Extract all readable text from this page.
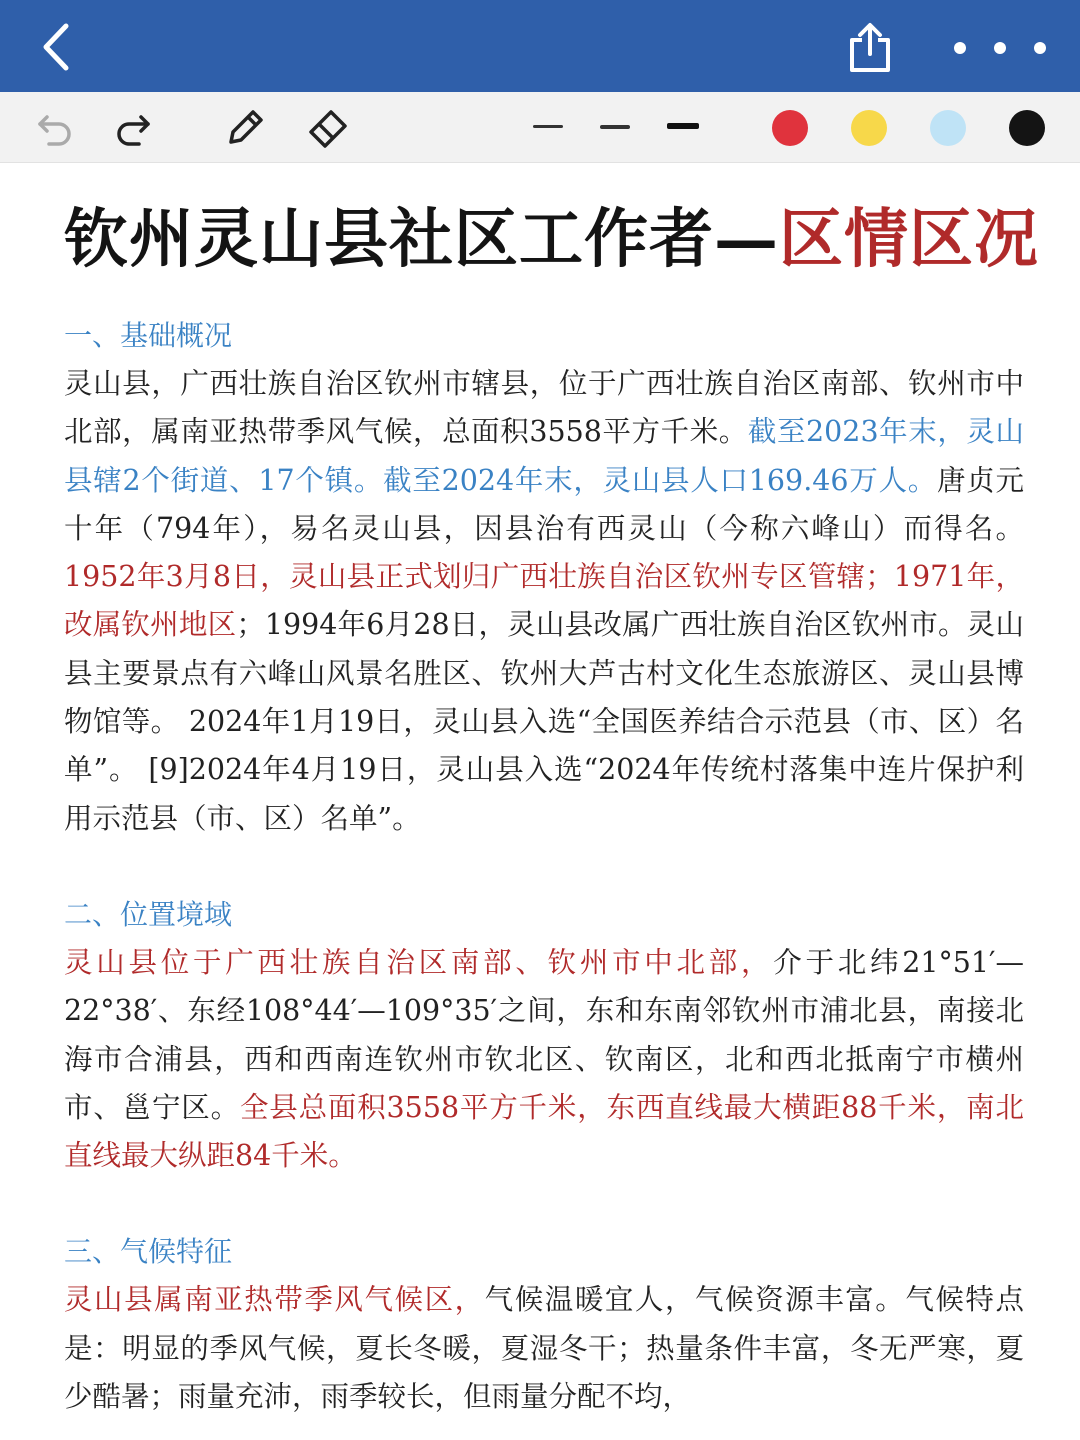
钦州灵山县社区工作者—区情区况
一、基础概况

灵山县，广西壮族自治区钦州市辖县，位于广西壮族自治区南部、钦州市中北部，属南亚热带季风气候，总面积3558平方千米。截至2023年末，灵山县辖2个街道、17个镇。截至2024年末，灵山县人口169.46万人。唐贞元十年（794年），易名灵山县，因县治有西灵山（今称六峰山）而得名。1952年3月8日，灵山县正式划归广西壮族自治区钦州专区管辖；1971年，改属钦州地区；1994年6月28日，灵山县改属广西壮族自治区钦州市。灵山县主要景点有六峰山风景名胜区、钦州大芦古村文化生态旅游区、灵山县博物馆等。 2024年1月19日，灵山县入选“全国医养结合示范县（市、区）名单”。 [9]2024年4月19日，灵山县入选“2024年传统村落集中连片保护利用示范县（市、区）名单”。

二、位置境域

灵山县位于广西壮族自治区南部、钦州市中北部，介于北纬21°51′—22°38′、东经108°44′—109°35′之间，东和东南邻钦州市浦北县，南接北海市合浦县，西和西南连钦州市钦北区、钦南区，北和西北抵南宁市横州市、邕宁区。全县总面积3558平方千米，东西直线最大横距88千米，南北直线最大纵距84千米。

三、气候特征

灵山县属南亚热带季风气候区，气候温暖宜人，气候资源丰富。气候特点是：明显的季风气候，夏长冬暖，夏湿冬干；热量条件丰富，冬无严寒，夏少酷暑；雨量充沛，雨季较长，但雨量分配不均，
